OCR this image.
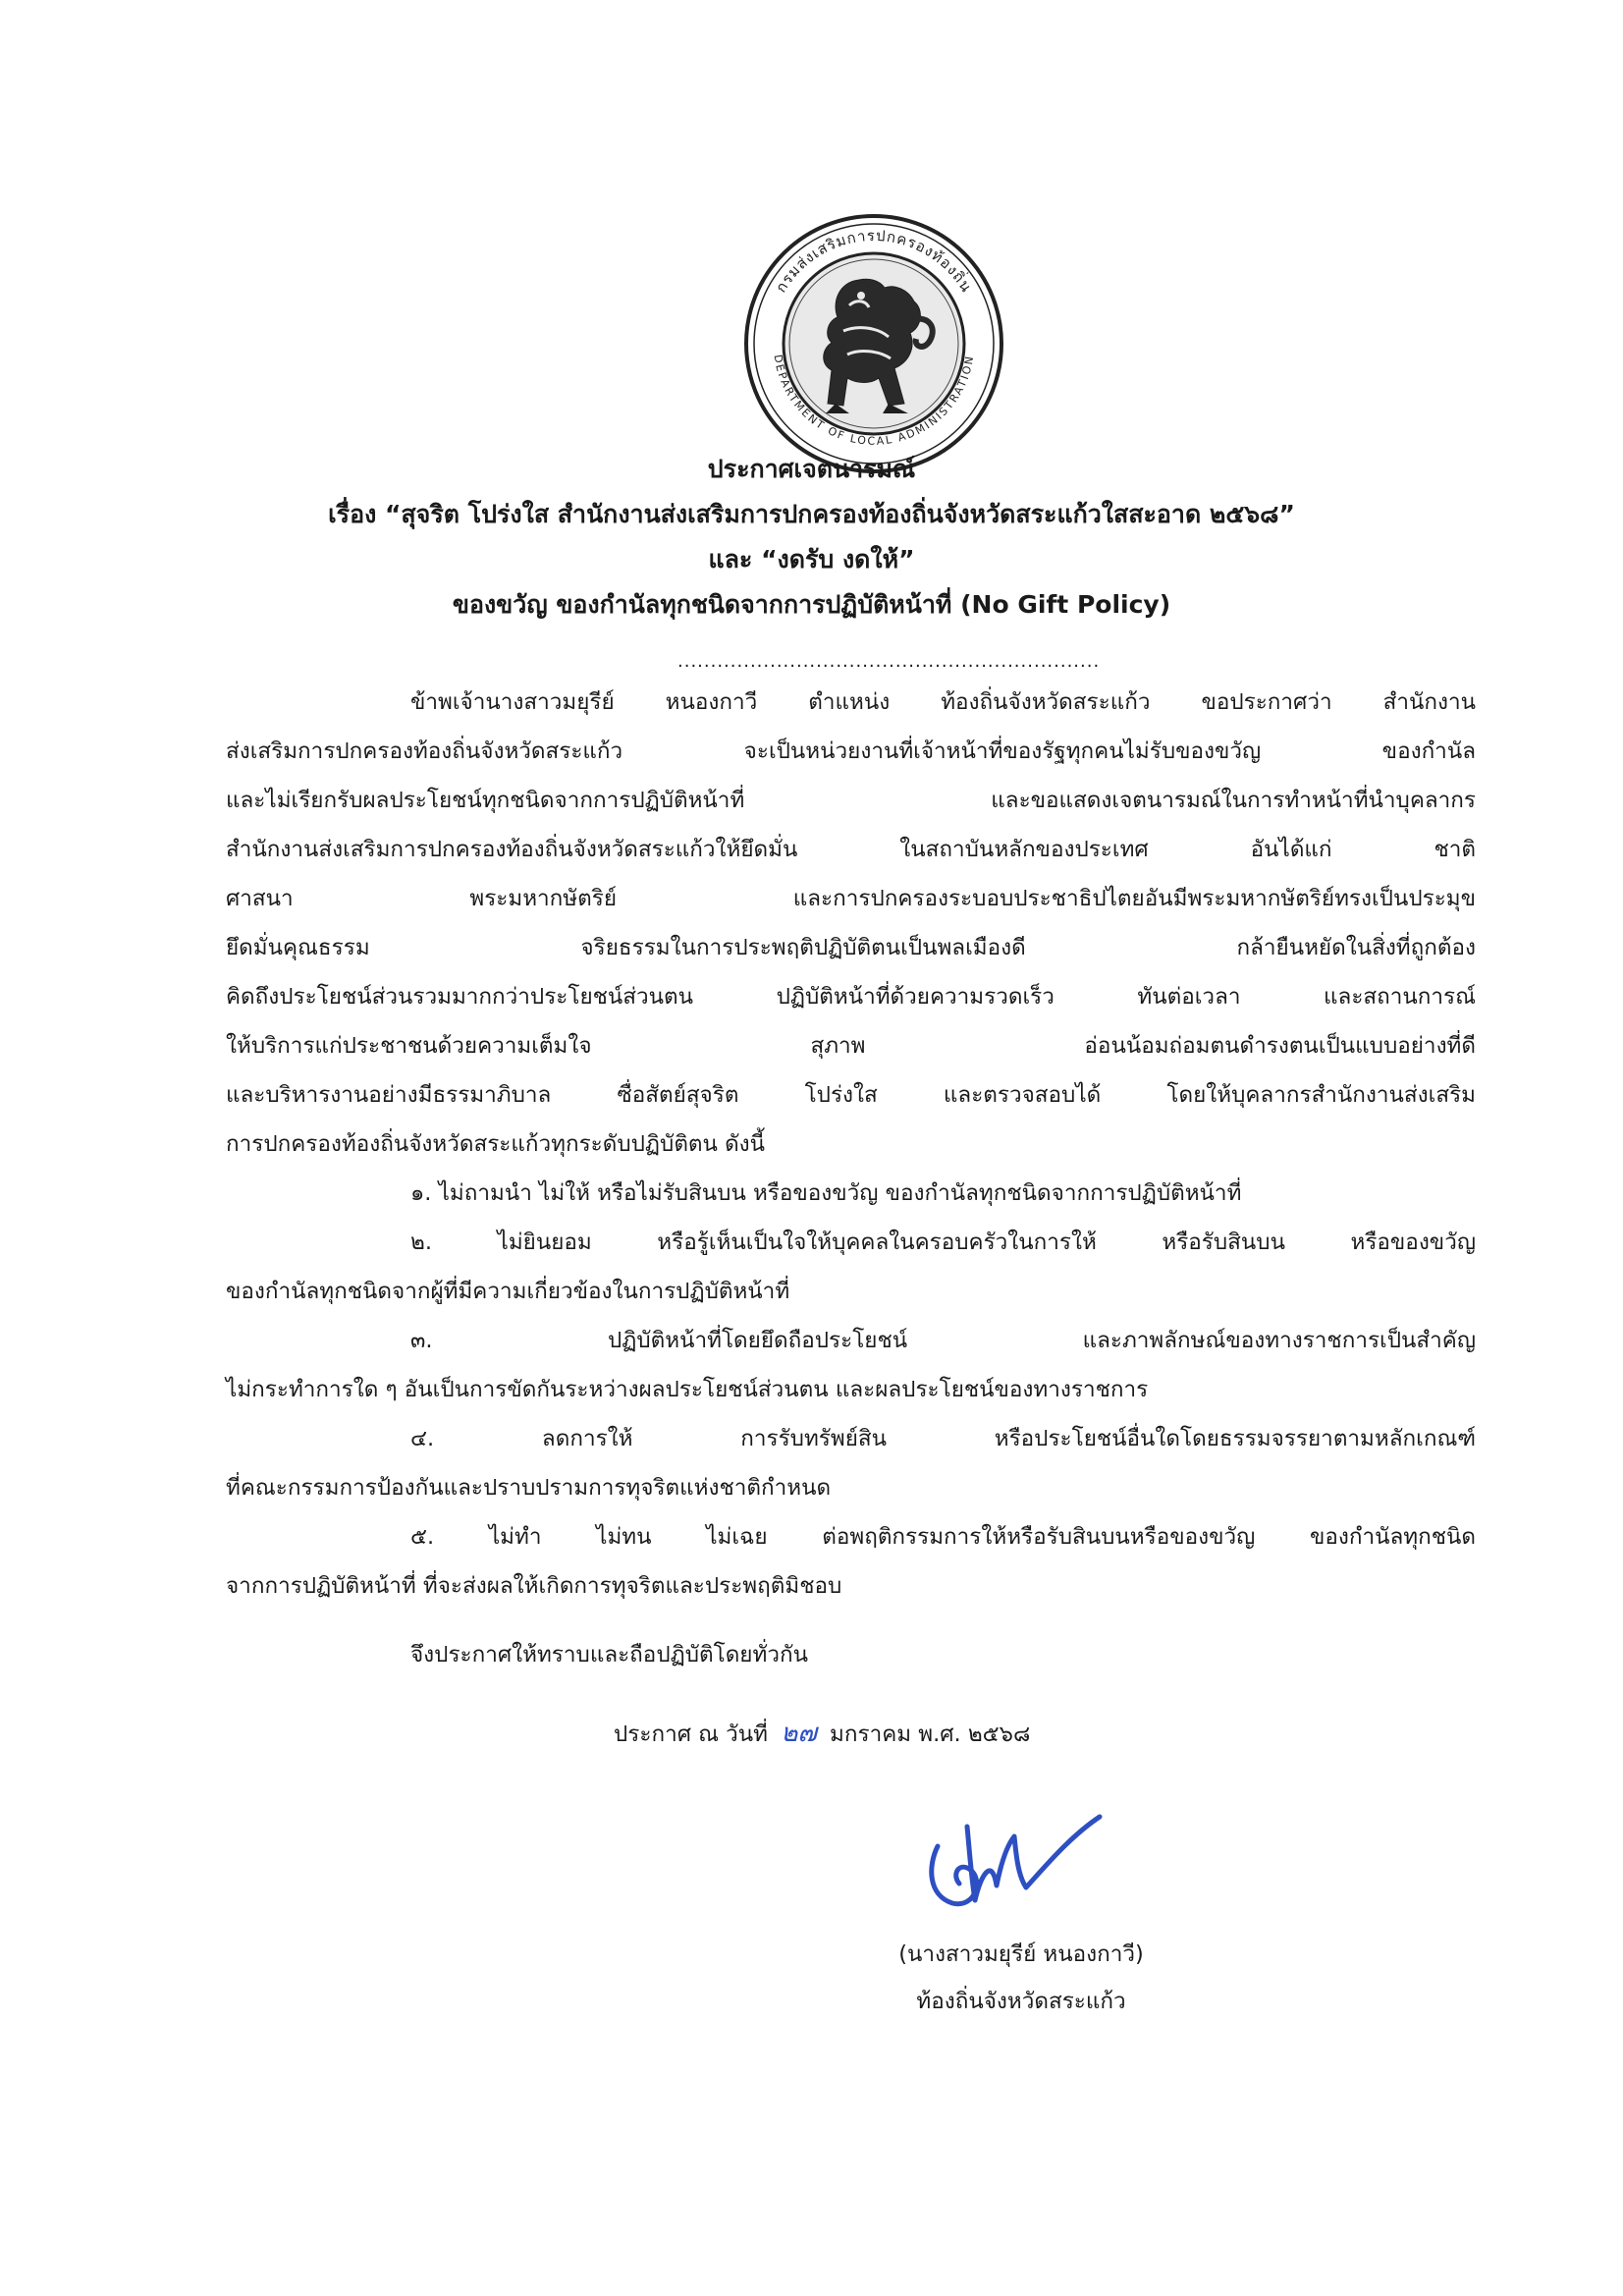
กรมส่งเสริมการปกครองท้องถิ่น
DEPARTMENT OF LOCAL ADMINISTRATION
ประกาศเจตนารมณ์
เรื่อง “สุจริต โปร่งใส สำนักงานส่งเสริมการปกครองท้องถิ่นจังหวัดสระแก้วใสสะอาด ๒๕๖๘”
และ “งดรับ งดให้”
ของขวัญ ของกำนัลทุกชนิดจากการปฏิบัติหน้าที่ (No Gift Policy)
................................................................
ข้าพเจ้านางสาวมยุรีย์ หนองกาวี ตำแหน่ง ท้องถิ่นจังหวัดสระแก้ว ขอประกาศว่า สำนักงาน
ส่งเสริมการปกครองท้องถิ่นจังหวัดสระแก้ว จะเป็นหน่วยงานที่เจ้าหน้าที่ของรัฐทุกคนไม่รับของขวัญ ของกำนัล
และไม่เรียกรับผลประโยชน์ทุกชนิดจากการปฏิบัติหน้าที่ และขอแสดงเจตนารมณ์ในการทำหน้าที่นำบุคลากร
สำนักงานส่งเสริมการปกครองท้องถิ่นจังหวัดสระแก้วให้ยึดมั่น ในสถาบันหลักของประเทศ อันได้แก่ ชาติ
ศาสนา พระมหากษัตริย์ และการปกครองระบอบประชาธิปไตยอันมีพระมหากษัตริย์ทรงเป็นประมุข
ยึดมั่นคุณธรรม จริยธรรมในการประพฤติปฏิบัติตนเป็นพลเมืองดี กล้ายืนหยัดในสิ่งที่ถูกต้อง
คิดถึงประโยชน์ส่วนรวมมากกว่าประโยชน์ส่วนตน ปฏิบัติหน้าที่ด้วยความรวดเร็ว ทันต่อเวลา และสถานการณ์
ให้บริการแก่ประชาชนด้วยความเต็มใจ สุภาพ อ่อนน้อมถ่อมตนดำรงตนเป็นแบบอย่างที่ดี
และบริหารงานอย่างมีธรรมาภิบาล ซื่อสัตย์สุจริต โปร่งใส และตรวจสอบได้ โดยให้บุคลากรสำนักงานส่งเสริม
การปกครองท้องถิ่นจังหวัดสระแก้วทุกระดับปฏิบัติตน ดังนี้
๑. ไม่ถามนำ ไม่ให้ หรือไม่รับสินบน หรือของขวัญ ของกำนัลทุกชนิดจากการปฏิบัติหน้าที่
๒. ไม่ยินยอม หรือรู้เห็นเป็นใจให้บุคคลในครอบครัวในการให้ หรือรับสินบน หรือของขวัญ
ของกำนัลทุกชนิดจากผู้ที่มีความเกี่ยวข้องในการปฏิบัติหน้าที่
๓. ปฏิบัติหน้าที่โดยยึดถือประโยชน์ และภาพลักษณ์ของทางราชการเป็นสำคัญ
ไม่กระทำการใด ๆ อันเป็นการขัดกันระหว่างผลประโยชน์ส่วนตน และผลประโยชน์ของทางราชการ
๔. ลดการให้ การรับทรัพย์สิน หรือประโยชน์อื่นใดโดยธรรมจรรยาตามหลักเกณฑ์
ที่คณะกรรมการป้องกันและปราบปรามการทุจริตแห่งชาติกำหนด
๕. ไม่ทำ ไม่ทน ไม่เฉย ต่อพฤติกรรมการให้หรือรับสินบนหรือของขวัญ ของกำนัลทุกชนิด
จากการปฏิบัติหน้าที่ ที่จะส่งผลให้เกิดการทุจริตและประพฤติมิชอบ
จึงประกาศให้ทราบและถือปฏิบัติโดยทั่วกัน
ประกาศ ณ วันที่ ๒๗ มกราคม พ.ศ. ๒๕๖๘
(นางสาวมยุรีย์ หนองกาวี)
ท้องถิ่นจังหวัดสระแก้ว
